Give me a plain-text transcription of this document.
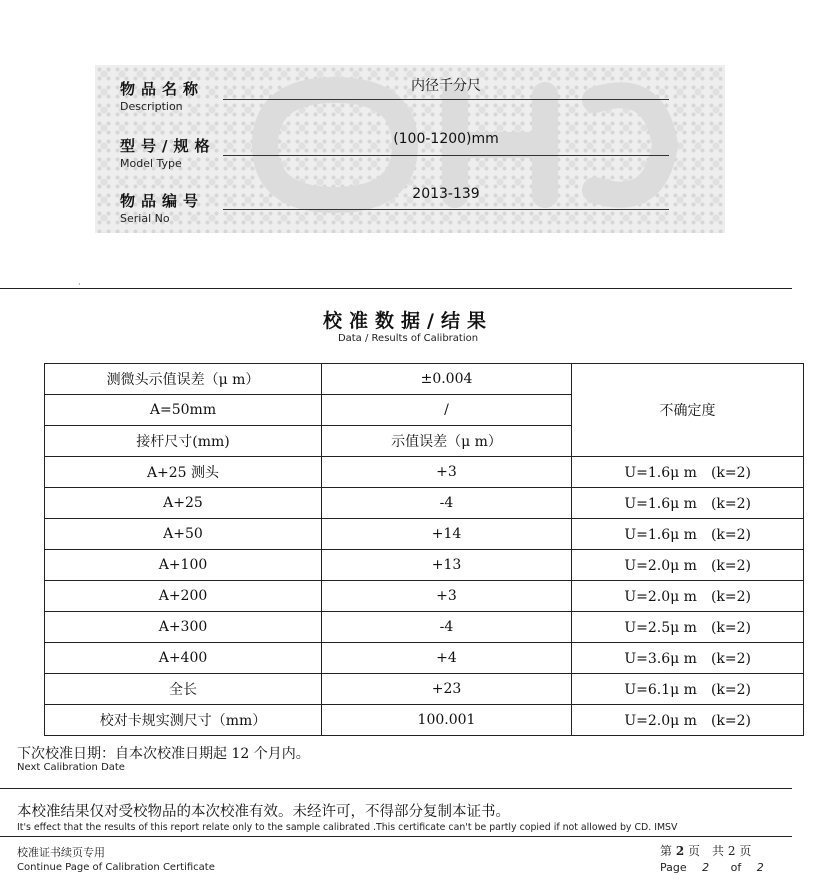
物品名称
Description
内径千分尺
型号/规格
Model Type
(100-1200)mm
物品编号
Serial No
2013-139
·
校准数据/结果
Data / Results of Calibration
测微头示值误差（μ m）	±0.004	不确定度
A=50mm	/	
接杆尺寸(mm)	示值误差（μ m）	
A+25 测头	+3	U=1.6μ m　(k=2)
A+25	-4	U=1.6μ m　(k=2)
A+50	+14	U=1.6μ m　(k=2)
A+100	+13	U=2.0μ m　(k=2)
A+200	+3	U=2.0μ m　(k=2)
A+300	-4	U=2.5μ m　(k=2)
A+400	+4	U=3.6μ m　(k=2)
全长	+23	U=6.1μ m　(k=2)
校对卡规实测尺寸（mm）	100.001	U=2.0μ m　(k=2)
下次校准日期：自本次校准日期起 12 个月内。
Next Calibration Date
本校准结果仅对受校物品的本次校准有效。未经许可，不得部分复制本证书。
It's effect that the results of this report relate only to the sample calibrated .This certificate can't be partly copied if not allowed by CD. IMSV
校准证书续页专用
Continue Page of Calibration Certificate
第 2 页　共 2 页
Page 2 of 2
